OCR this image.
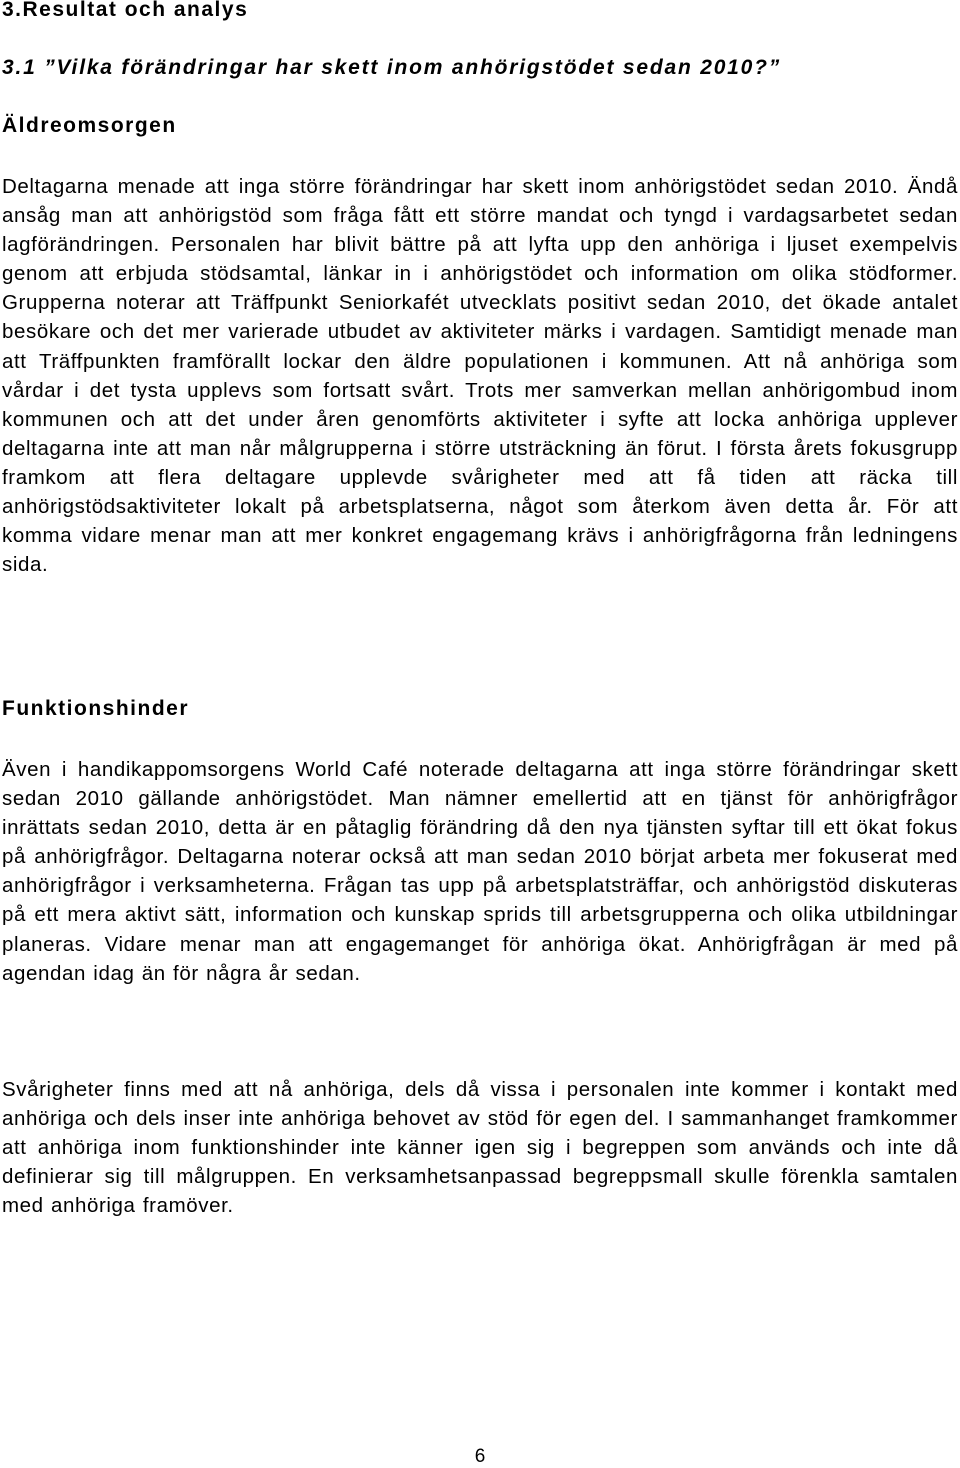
3.Resultat och analys
3.1 ”Vilka förändringar har skett inom anhörigstödet sedan 2010?”
Äldreomsorgen

Deltagarna menade att inga större förändringar har skett inom anhörigstödet sedan 2010. Ändå ansåg man att anhörigstöd som fråga fått ett större mandat och tyngd i vardagsarbetet sedan lagförändringen. Personalen har blivit bättre på att lyfta upp den anhöriga i ljuset exempelvis genom att erbjuda stödsamtal, länkar in i anhörigstödet och information om olika stödformer. Grupperna noterar att Träffpunkt Seniorkafét utvecklats positivt sedan 2010, det ökade antalet besökare och det mer varierade utbudet av aktiviteter märks i vardagen. Samtidigt menade man att Träffpunkten framförallt lockar den äldre populationen i kommunen. Att nå anhöriga som vårdar i det tysta upplevs som fortsatt svårt. Trots mer samverkan mellan anhörigombud inom kommunen och att det under åren genomförts aktiviteter i syfte att locka anhöriga upplever deltagarna inte att man når målgrupperna i större utsträckning än förut. I första årets fokusgrupp framkom att flera deltagare upplevde svårigheter med att få tiden att räcka till anhörigstödsaktiviteter lokalt på arbetsplatserna, något som återkom även detta år. För att komma vidare menar man att mer konkret engagemang krävs i anhörigfrågorna från ledningens sida.

Funktionshinder

Även i handikappomsorgens World Café noterade deltagarna att inga större förändringar skett sedan 2010 gällande anhörigstödet. Man nämner emellertid att en tjänst för anhörigfrågor inrättats sedan 2010, detta är en påtaglig förändring då den nya tjänsten syftar till ett ökat fokus på anhörigfrågor. Deltagarna noterar också att man sedan 2010 börjat arbeta mer fokuserat med anhörigfrågor i verksamheterna. Frågan tas upp på arbetsplatsträffar, och anhörigstöd diskuteras på ett mera aktivt sätt, information och kunskap sprids till arbetsgrupperna och olika utbildningar planeras. Vidare menar man att engagemanget för anhöriga ökat. Anhörigfrågan är med på agendan idag än för några år sedan.

Svårigheter finns med att nå anhöriga, dels då vissa i personalen inte kommer i kontakt med anhöriga och dels inser inte anhöriga behovet av stöd för egen del. I sammanhanget framkommer att anhöriga inom funktionshinder inte känner igen sig i begreppen som används och inte då definierar sig till målgruppen. En verksamhetsanpassad begreppsmall skulle förenkla samtalen med anhöriga framöver.

6
